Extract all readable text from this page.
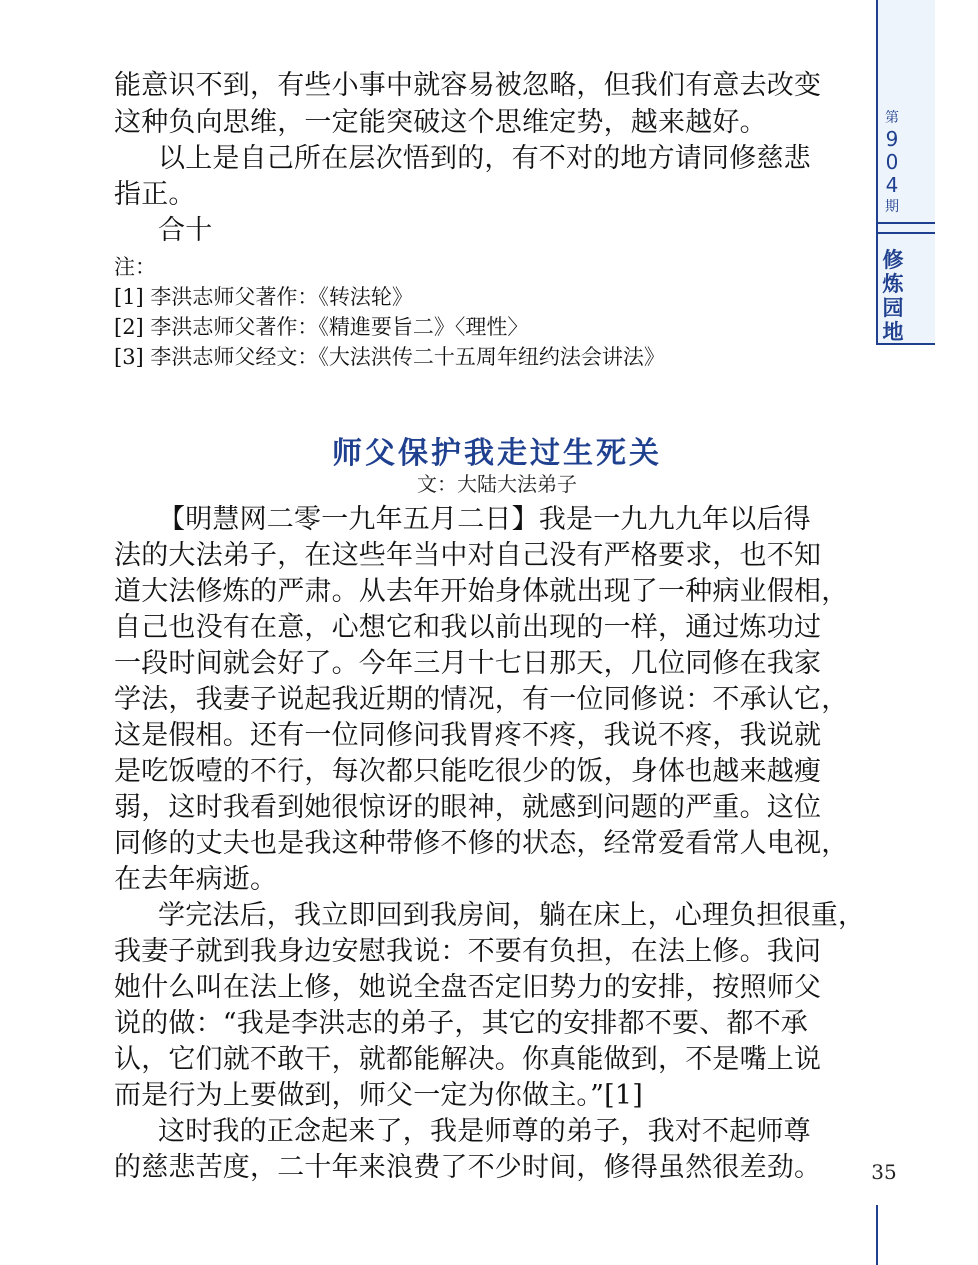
第
9
0
4
期
修
炼
园
地
能意识不到，有些小事中就容易被忽略，但我们有意去改变
这种负向思维，一定能突破这个思维定势，越来越好。
以上是自己所在层次悟到的，有不对的地方请同修慈悲
指正。
合十
注：
[1] 李洪志师父著作：《转法轮》
[2] 李洪志师父著作：《精進要旨二》〈理性〉
[3] 李洪志师父经文：《大法洪传二十五周年纽约法会讲法》
师父保护我走过生死关
文：大陆大法弟子
【明慧网二零一九年五月二日】我是一九九九年以后得
法的大法弟子，在这些年当中对自己没有严格要求，也不知
道大法修炼的严肃。从去年开始身体就出现了一种病业假相，
自己也没有在意，心想它和我以前出现的一样，通过炼功过
一段时间就会好了。今年三月十七日那天，几位同修在我家
学法，我妻子说起我近期的情况，有一位同修说：不承认它，
这是假相。还有一位同修问我胃疼不疼，我说不疼，我说就
是吃饭噎的不行，每次都只能吃很少的饭，身体也越来越瘦
弱，这时我看到她很惊讶的眼神，就感到问题的严重。这位
同修的丈夫也是我这种带修不修的状态，经常爱看常人电视，
在去年病逝。
学完法后，我立即回到我房间，躺在床上，心理负担很重，
我妻子就到我身边安慰我说：不要有负担，在法上修。我问
她什么叫在法上修，她说全盘否定旧势力的安排，按照师父
说的做：“我是李洪志的弟子，其它的安排都不要、都不承
认，它们就不敢干，就都能解决。你真能做到，不是嘴上说
而是行为上要做到，师父一定为你做主。”[1]
这时我的正念起来了，我是师尊的弟子，我对不起师尊
的慈悲苦度，二十年来浪费了不少时间，修得虽然很差劲。	35
